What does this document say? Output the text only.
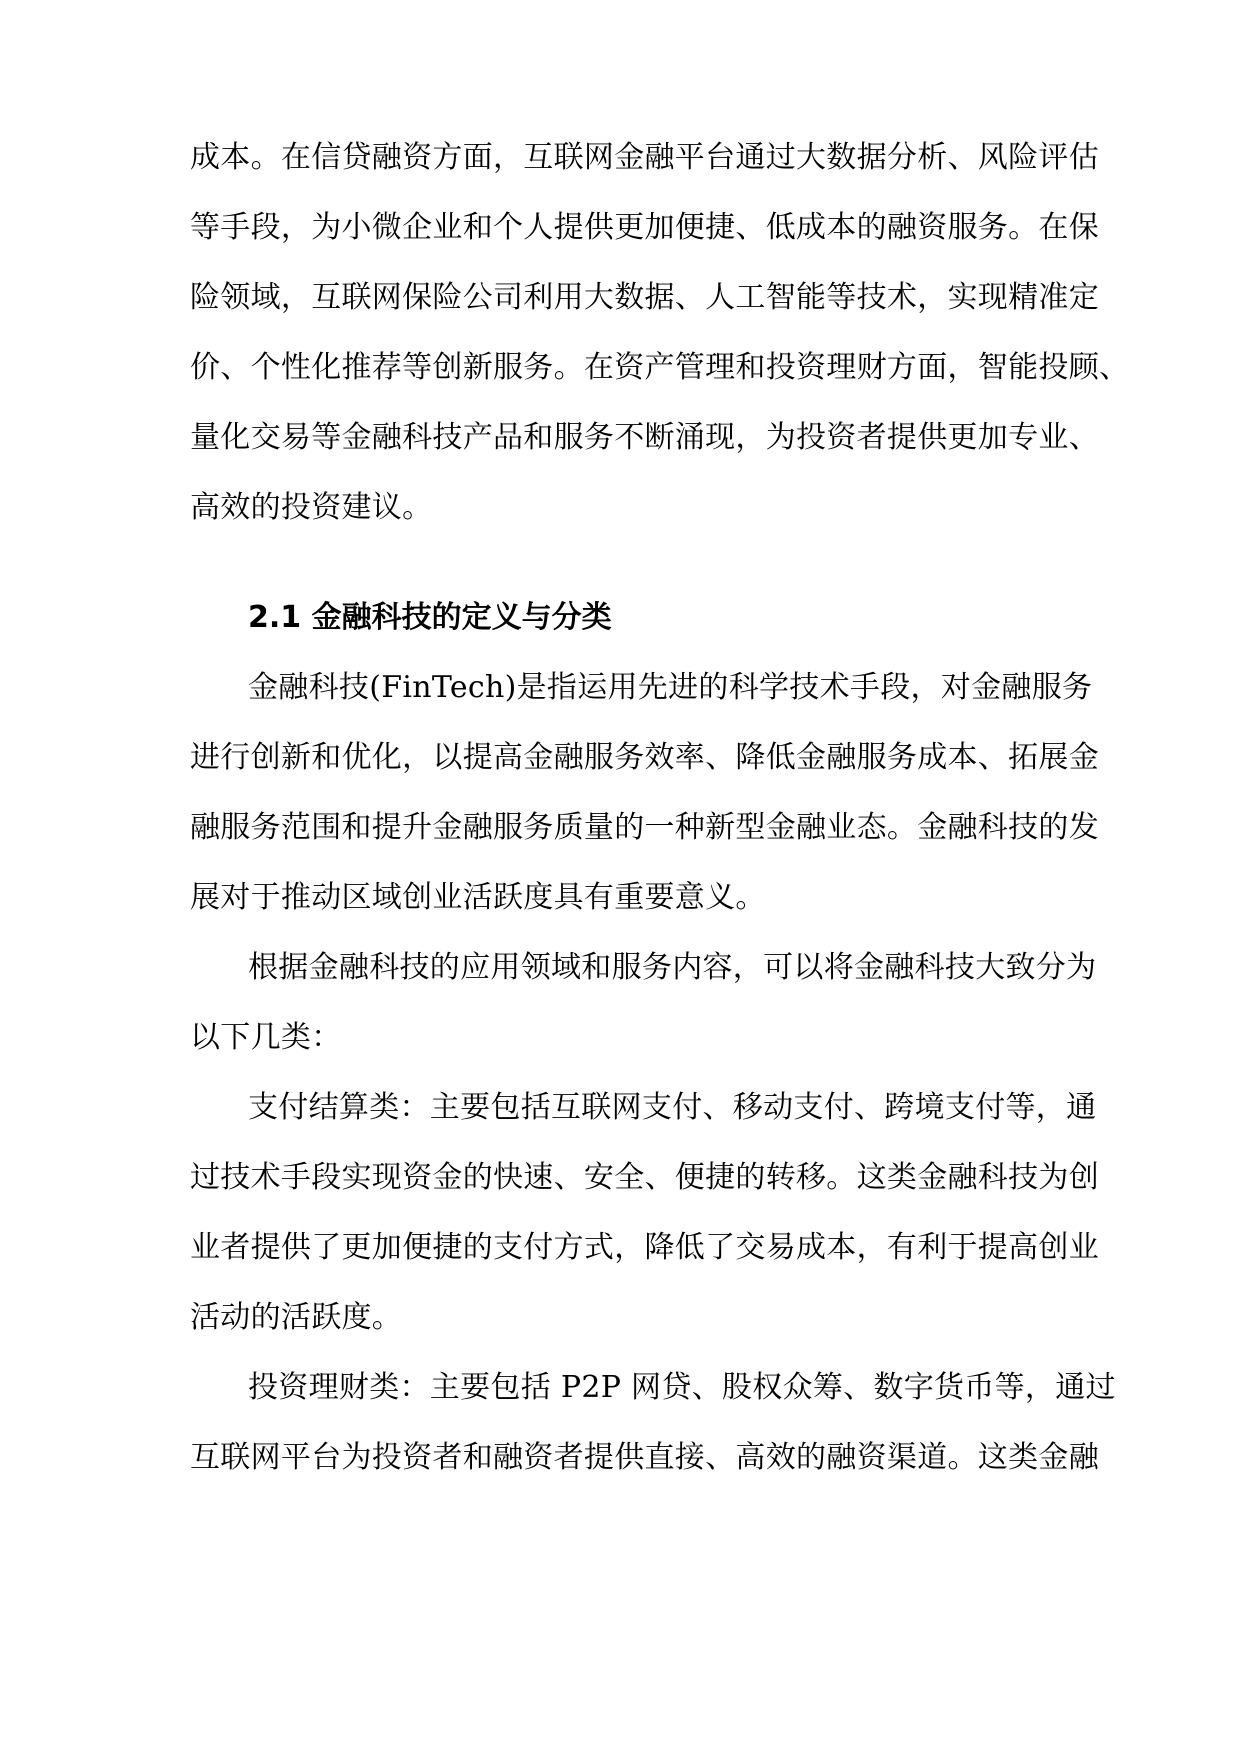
成本。在信贷融资方面，互联网金融平台通过大数据分析、风险评估
等手段，为小微企业和个人提供更加便捷、低成本的融资服务。在保
险领域，互联网保险公司利用大数据、人工智能等技术，实现精准定
价、个性化推荐等创新服务。在资产管理和投资理财方面，智能投顾、
量化交易等金融科技产品和服务不断涌现，为投资者提供更加专业、
高效的投资建议。
2.1 金融科技的定义与分类
金融科技(FinTech)是指运用先进的科学技术手段，对金融服务
进行创新和优化，以提高金融服务效率、降低金融服务成本、拓展金
融服务范围和提升金融服务质量的一种新型金融业态。金融科技的发
展对于推动区域创业活跃度具有重要意义。
根据金融科技的应用领域和服务内容，可以将金融科技大致分为
以下几类：
支付结算类：主要包括互联网支付、移动支付、跨境支付等，通
过技术手段实现资金的快速、安全、便捷的转移。这类金融科技为创
业者提供了更加便捷的支付方式，降低了交易成本，有利于提高创业
活动的活跃度。
投资理财类：主要包括 P2P 网贷、股权众筹、数字货币等，通过
互联网平台为投资者和融资者提供直接、高效的融资渠道。这类金融
